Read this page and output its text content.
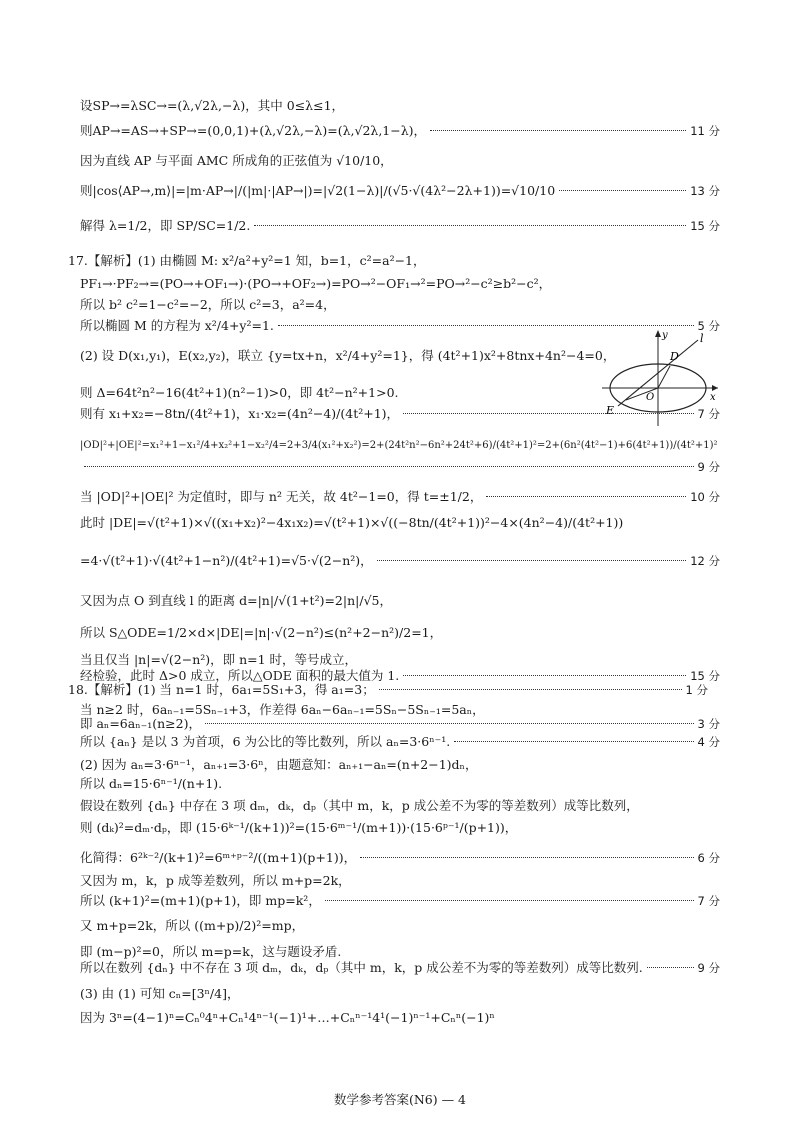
设SP→=λSC→=(λ,√2λ,−λ)，其中 0≤λ≤1，
则AP→=AS→+SP→=(0,0,1)+(λ,√2λ,−λ)=(λ,√2λ,1−λ)，	11 分
因为直线 AP 与平面 AMC 所成角的正弦值为 √10/10，
则|cos⟨AP→,m⟩|=|m·AP→|/(|m|·|AP→|)=|√2(1−λ)|/(√5·√(4λ²−2λ+1))=√10/10	13 分
解得 λ=1/2，即 SP/SC=1/2.	15 分
17.【解析】(1) 由椭圆 M: x²/a²+y²=1 知，b=1，c²=a²−1，
PF₁→·PF₂→=(PO→+OF₁→)·(PO→+OF₂→)=PO→²−OF₁→²=PO→²−c²≥b²−c²，
所以 b² c²=1−c²=−2，所以 c²=3，a²=4，
所以椭圆 M 的方程为 x²/4+y²=1.	5 分
(2) 设 D(x₁,y₁)，E(x₂,y₂)，联立 {y=tx+n，x²/4+y²=1}，得 (4t²+1)x²+8tnx+4n²−4=0，
则 Δ=64t²n²−16(4t²+1)(n²−1)>0，即 4t²−n²+1>0.
则有 x₁+x₂=−8tn/(4t²+1)，x₁·x₂=(4n²−4)/(4t²+1)，	7 分
|OD|²+|OE|²=x₁²+1−x₁²/4+x₂²+1−x₂²/4=2+3/4(x₁²+x₂²)=2+(24t²n²−6n²+24t²+6)/(4t²+1)²=2+(6n²(4t²−1)+6(4t²+1))/(4t²+1)²
9 分
当 |OD|²+|OE|² 为定值时，即与 n² 无关，故 4t²−1=0，得 t=±1/2，	10 分
此时 |DE|=√(t²+1)×√((x₁+x₂)²−4x₁x₂)=√(t²+1)×√((−8tn/(4t²+1))²−4×(4n²−4)/(4t²+1))
=4·√(t²+1)·√(4t²+1−n²)/(4t²+1)=√5·√(2−n²)，	12 分
又因为点 O 到直线 l 的距离 d=|n|/√(1+t²)=2|n|/√5，
所以 S△ODE=1/2×d×|DE|=|n|·√(2−n²)≤(n²+2−n²)/2=1，
当且仅当 |n|=√(2−n²)，即 n=1 时，等号成立，
经检验，此时 Δ>0 成立，所以△ODE 面积的最大值为 1.	15 分
18.【解析】(1) 当 n=1 时，6a₁=5S₁+3，得 a₁=3；	1 分
当 n≥2 时，6aₙ₋₁=5Sₙ₋₁+3，作差得 6aₙ−6aₙ₋₁=5Sₙ−5Sₙ₋₁=5aₙ，
即 aₙ=6aₙ₋₁(n≥2)，	3 分
所以 {aₙ} 是以 3 为首项，6 为公比的等比数列，所以 aₙ=3·6ⁿ⁻¹.	4 分
(2) 因为 aₙ=3·6ⁿ⁻¹，aₙ₊₁=3·6ⁿ，由题意知：aₙ₊₁−aₙ=(n+2−1)dₙ，
所以 dₙ=15·6ⁿ⁻¹/(n+1).
假设在数列 {dₙ} 中存在 3 项 dₘ，dₖ，dₚ（其中 m，k，p 成公差不为零的等差数列）成等比数列，
则 (dₖ)²=dₘ·dₚ，即 (15·6ᵏ⁻¹/(k+1))²=(15·6ᵐ⁻¹/(m+1))·(15·6ᵖ⁻¹/(p+1))，
化简得：6²ᵏ⁻²/(k+1)²=6ᵐ⁺ᵖ⁻²/((m+1)(p+1))，	6 分
又因为 m，k，p 成等差数列，所以 m+p=2k，
所以 (k+1)²=(m+1)(p+1)，即 mp=k²，	7 分
又 m+p=2k，所以 ((m+p)/2)²=mp，
即 (m−p)²=0，所以 m=p=k，这与题设矛盾.
所以在数列 {dₙ} 中不存在 3 项 dₘ，dₖ，dₚ（其中 m，k，p 成公差不为零的等差数列）成等比数列.	9 分
(3) 由 (1) 可知 cₙ=[3ⁿ/4]，
因为 3ⁿ=(4−1)ⁿ=Cₙ⁰4ⁿ+Cₙ¹4ⁿ⁻¹(−1)¹+…+Cₙⁿ⁻¹4¹(−1)ⁿ⁻¹+Cₙⁿ(−1)ⁿ
D
l
E
O	x
y
数学参考答案(N6) — 4
